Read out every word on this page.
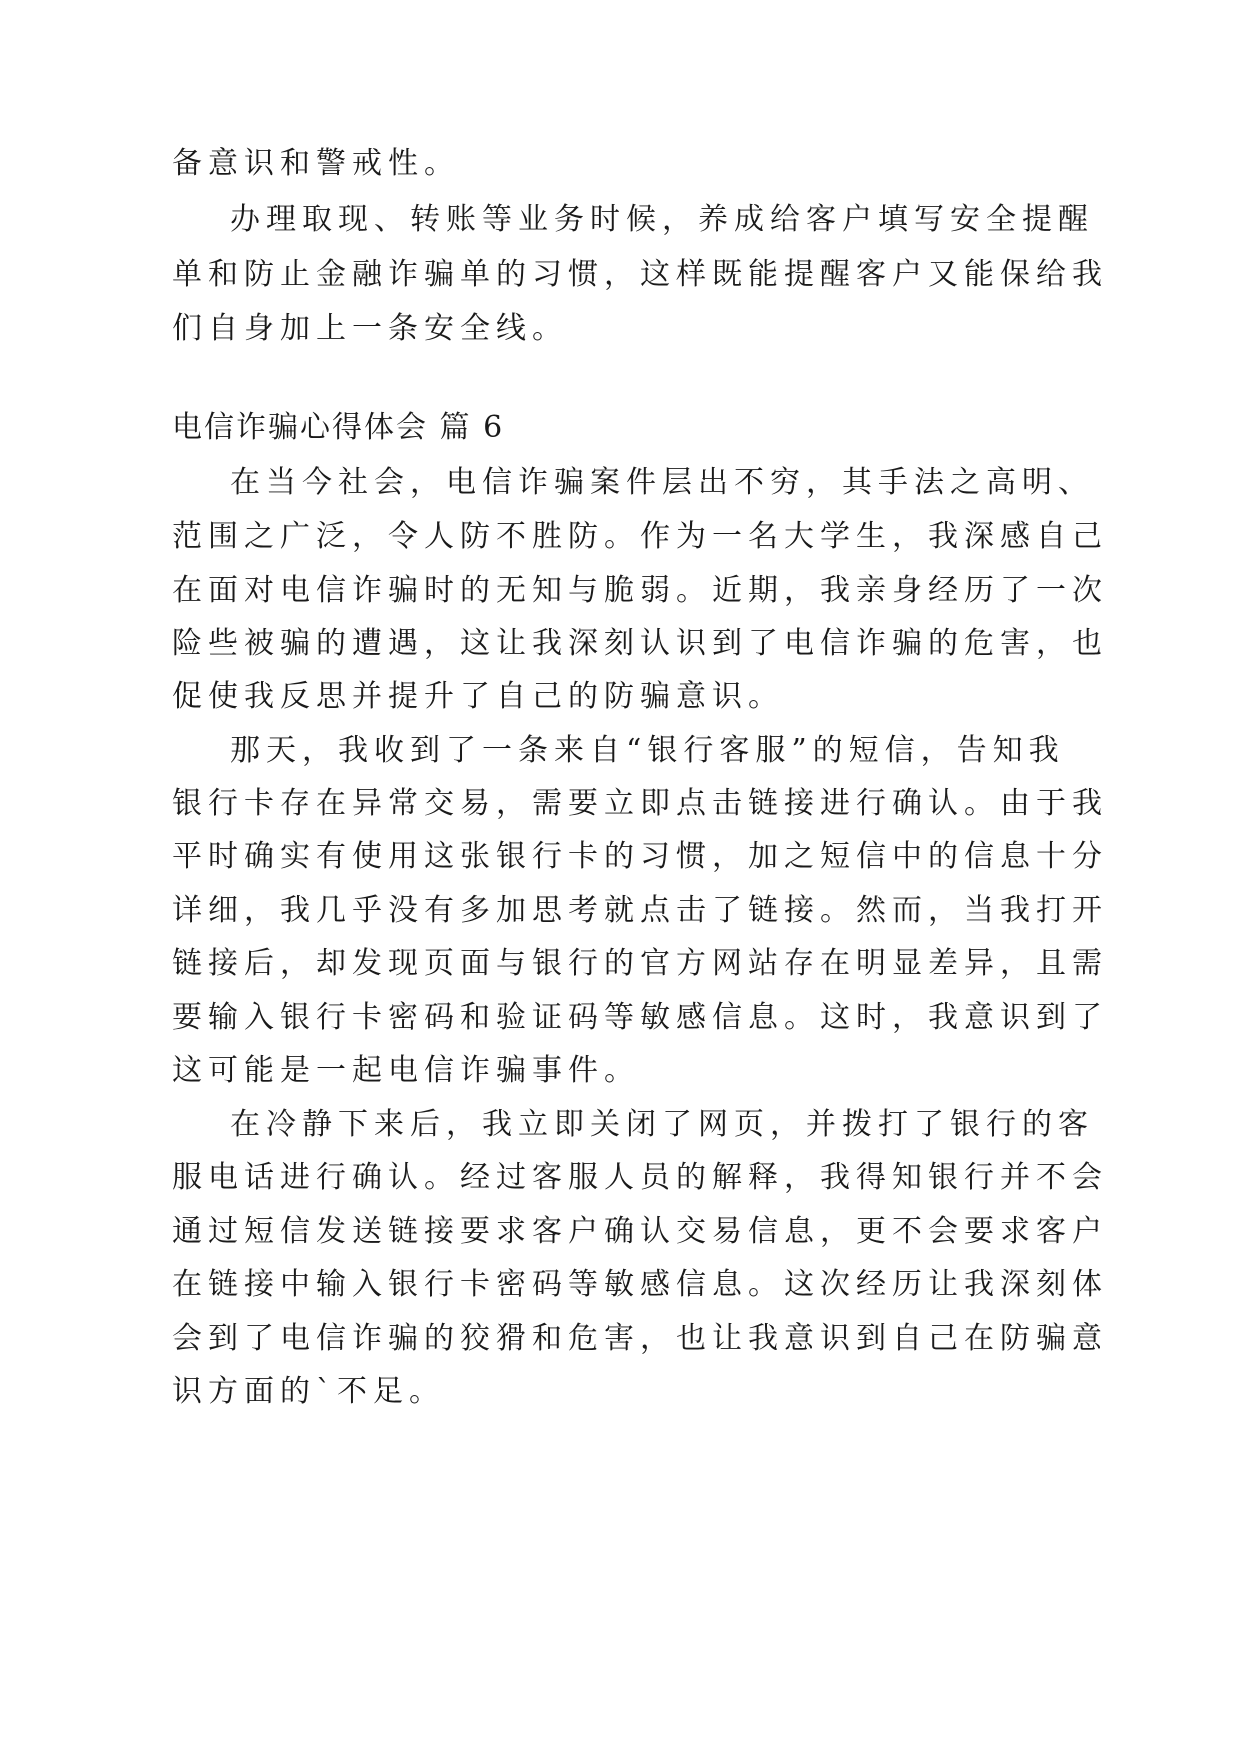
备意识和警戒性。
办理取现、转账等业务时候，养成给客户填写安全提醒
单和防止金融诈骗单的习惯，这样既能提醒客户又能保给我
们自身加上一条安全线。
电信诈骗心得体会 篇 6
在当今社会，电信诈骗案件层出不穷，其手法之高明、
范围之广泛，令人防不胜防。作为一名大学生，我深感自己
在面对电信诈骗时的无知与脆弱。近期，我亲身经历了一次
险些被骗的遭遇，这让我深刻认识到了电信诈骗的危害，也
促使我反思并提升了自己的防骗意识。
那天，我收到了一条来自“银行客服”的短信，告知我
银行卡存在异常交易，需要立即点击链接进行确认。由于我
平时确实有使用这张银行卡的习惯，加之短信中的信息十分
详细，我几乎没有多加思考就点击了链接。然而，当我打开
链接后，却发现页面与银行的官方网站存在明显差异，且需
要输入银行卡密码和验证码等敏感信息。这时，我意识到了
这可能是一起电信诈骗事件。
在冷静下来后，我立即关闭了网页，并拨打了银行的客
服电话进行确认。经过客服人员的解释，我得知银行并不会
通过短信发送链接要求客户确认交易信息，更不会要求客户
在链接中输入银行卡密码等敏感信息。这次经历让我深刻体
会到了电信诈骗的狡猾和危害，也让我意识到自己在防骗意
识方面的`不足。
